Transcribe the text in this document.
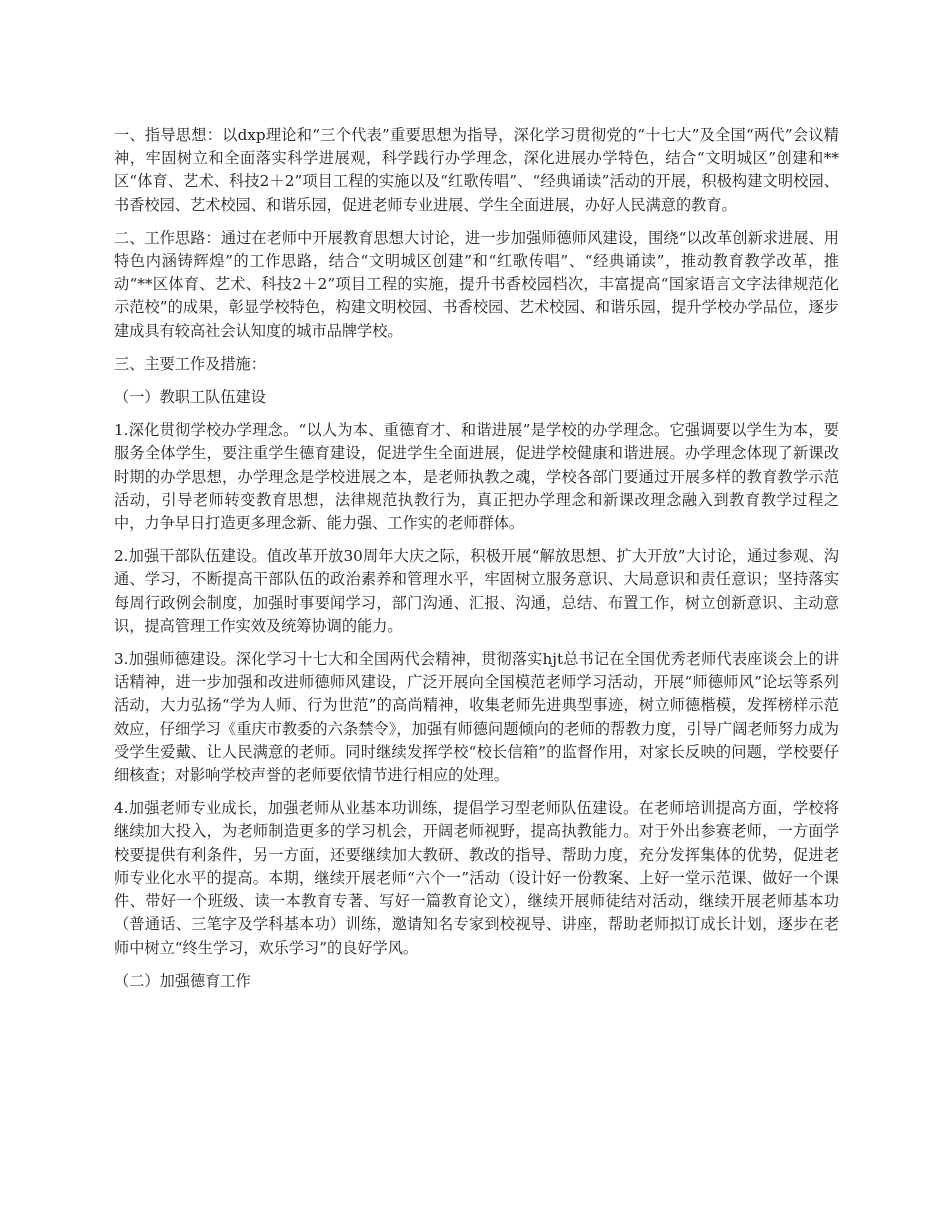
一、指导思想：以dxp理论和“三个代表”重要思想为指导，深化学习贯彻党的“十七大”及全国“两代”会议精神，牢固树立和全面落实科学进展观，科学践行办学理念，深化进展办学特色，结合“文明城区”创建和**区“体育、艺术、科技2＋2”项目工程的实施以及“红歌传唱”、“经典诵读”活动的开展，积极构建文明校园、书香校园、艺术校园、和谐乐园，促进老师专业进展、学生全面进展，办好人民满意的教育。

二、工作思路：通过在老师中开展教育思想大讨论，进一步加强师德师风建设，围绕“以改革创新求进展、用特色内涵铸辉煌”的工作思路，结合“文明城区创建”和“红歌传唱”、“经典诵读”，推动教育教学改革，推动“**区体育、艺术、科技2＋2”项目工程的实施，提升书香校园档次，丰富提高“国家语言文字法律规范化示范校”的成果，彰显学校特色，构建文明校园、书香校园、艺术校园、和谐乐园，提升学校办学品位，逐步建成具有较高社会认知度的城市品牌学校。

三、主要工作及措施：

（一）教职工队伍建设

1.深化贯彻学校办学理念。“以人为本、重德育才、和谐进展”是学校的办学理念。它强调要以学生为本，要服务全体学生，要注重学生德育建设，促进学生全面进展，促进学校健康和谐进展。办学理念体现了新课改时期的办学思想，办学理念是学校进展之本，是老师执教之魂，学校各部门要通过开展多样的教育教学示范活动，引导老师转变教育思想，法律规范执教行为，真正把办学理念和新课改理念融入到教育教学过程之中，力争早日打造更多理念新、能力强、工作实的老师群体。

2.加强干部队伍建设。值改革开放30周年大庆之际，积极开展“解放思想、扩大开放”大讨论，通过参观、沟通、学习，不断提高干部队伍的政治素养和管理水平，牢固树立服务意识、大局意识和责任意识；坚持落实每周行政例会制度，加强时事要闻学习，部门沟通、汇报、沟通，总结、布置工作，树立创新意识、主动意识，提高管理工作实效及统筹协调的能力。

3.加强师德建设。深化学习十七大和全国两代会精神，贯彻落实hjt总书记在全国优秀老师代表座谈会上的讲话精神，进一步加强和改进师德师风建设，广泛开展向全国模范老师学习活动，开展“师德师风”论坛等系列活动，大力弘扬“学为人师、行为世范”的高尚精神，收集老师先进典型事迹，树立师德楷模，发挥榜样示范效应，仔细学习《重庆市教委的六条禁令》，加强有师德问题倾向的老师的帮教力度，引导广阔老师努力成为受学生爱戴、让人民满意的老师。同时继续发挥学校“校长信箱”的监督作用，对家长反映的问题，学校要仔细核查；对影响学校声誉的老师要依情节进行相应的处理。

4.加强老师专业成长，加强老师从业基本功训练，提倡学习型老师队伍建设。在老师培训提高方面，学校将继续加大投入，为老师制造更多的学习机会，开阔老师视野，提高执教能力。对于外出参赛老师，一方面学校要提供有利条件，另一方面，还要继续加大教研、教改的指导、帮助力度，充分发挥集体的优势，促进老师专业化水平的提高。本期，继续开展老师“六个一”活动（设计好一份教案、上好一堂示范课、做好一个课件、带好一个班级、读一本教育专著、写好一篇教育论文），继续开展师徒结对活动，继续开展老师基本功（普通话、三笔字及学科基本功）训练，邀请知名专家到校视导、讲座，帮助老师拟订成长计划，逐步在老师中树立“终生学习，欢乐学习”的良好学风。

（二）加强德育工作
